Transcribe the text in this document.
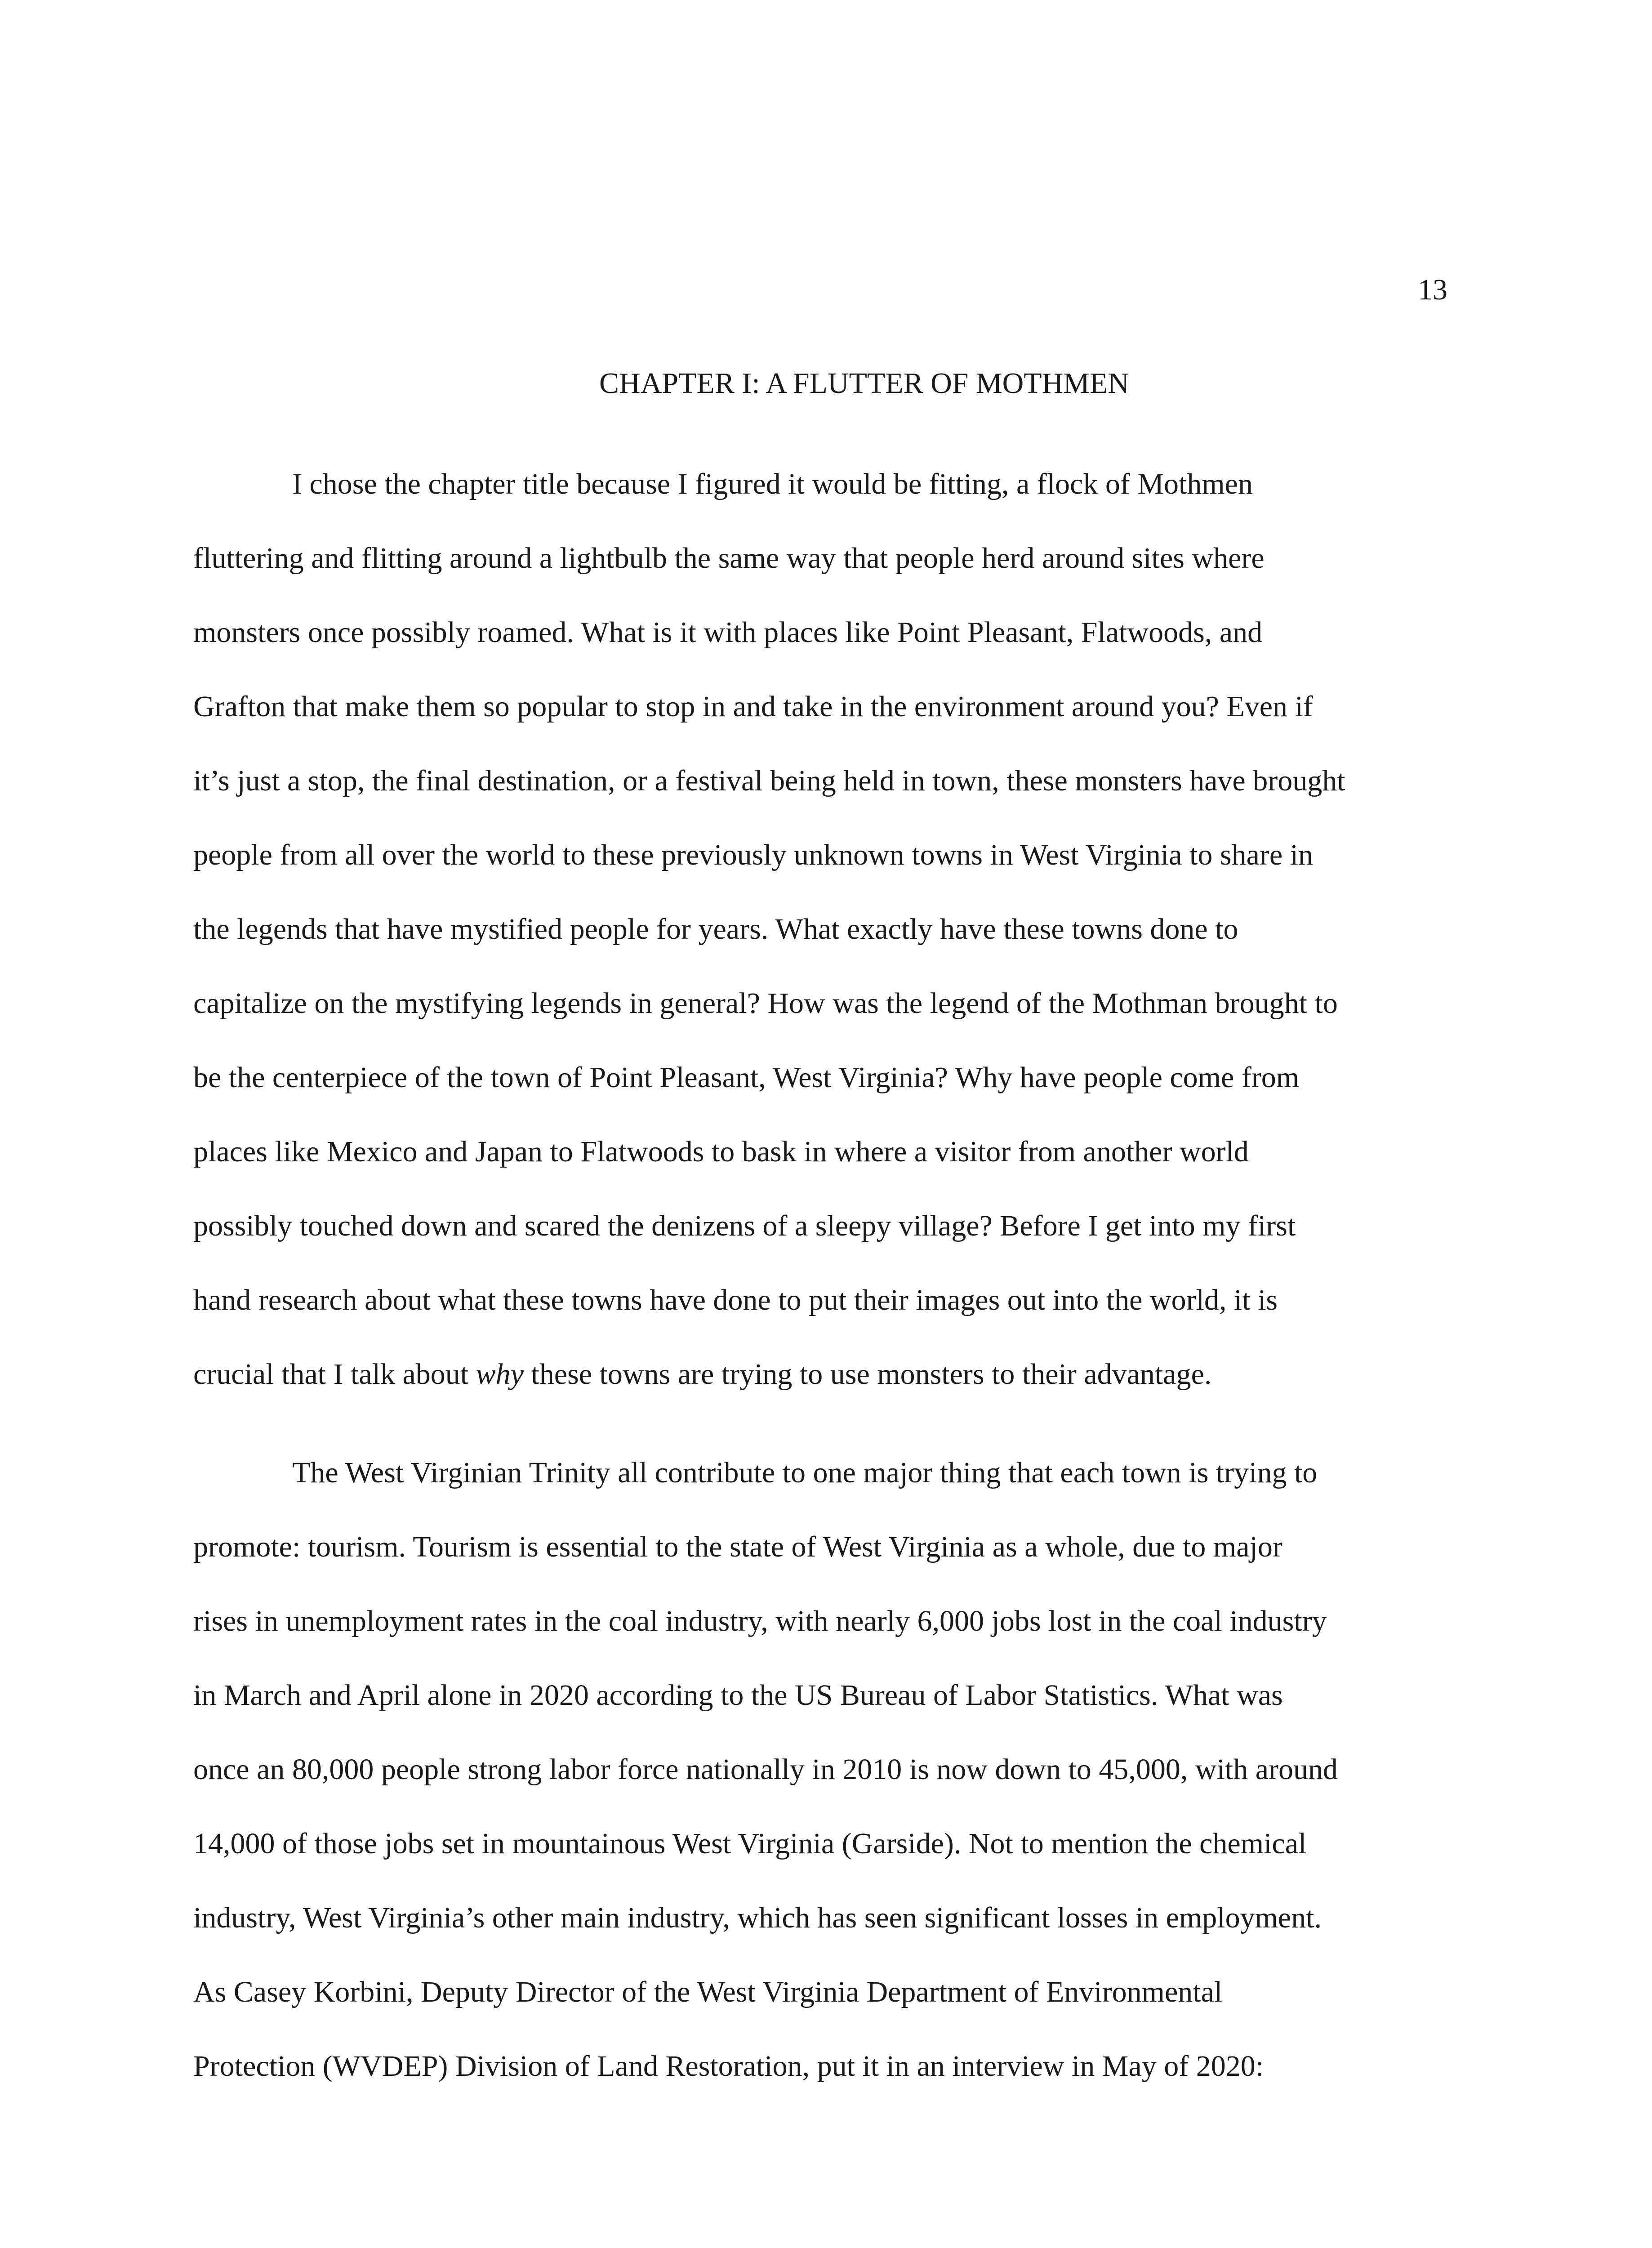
13
CHAPTER I: A FLUTTER OF MOTHMEN

I chose the chapter title because I figured it would be fitting, a flock of Mothmen
fluttering and flitting around a lightbulb the same way that people herd around sites where
monsters once possibly roamed. What is it with places like Point Pleasant, Flatwoods, and
Grafton that make them so popular to stop in and take in the environment around you? Even if
it’s just a stop, the final destination, or a festival being held in town, these monsters have brought
people from all over the world to these previously unknown towns in West Virginia to share in
the legends that have mystified people for years. What exactly have these towns done to
capitalize on the mystifying legends in general? How was the legend of the Mothman brought to
be the centerpiece of the town of Point Pleasant, West Virginia? Why have people come from
places like Mexico and Japan to Flatwoods to bask in where a visitor from another world
possibly touched down and scared the denizens of a sleepy village? Before I get into my first
hand research about what these towns have done to put their images out into the world, it is
crucial that I talk about why these towns are trying to use monsters to their advantage.

The West Virginian Trinity all contribute to one major thing that each town is trying to
promote: tourism. Tourism is essential to the state of West Virginia as a whole, due to major
rises in unemployment rates in the coal industry, with nearly 6,000 jobs lost in the coal industry
in March and April alone in 2020 according to the US Bureau of Labor Statistics. What was
once an 80,000 people strong labor force nationally in 2010 is now down to 45,000, with around
14,000 of those jobs set in mountainous West Virginia (Garside). Not to mention the chemical
industry, West Virginia’s other main industry, which has seen significant losses in employment.
As Casey Korbini, Deputy Director of the West Virginia Department of Environmental
Protection (WVDEP) Division of Land Restoration, put it in an interview in May of 2020:
